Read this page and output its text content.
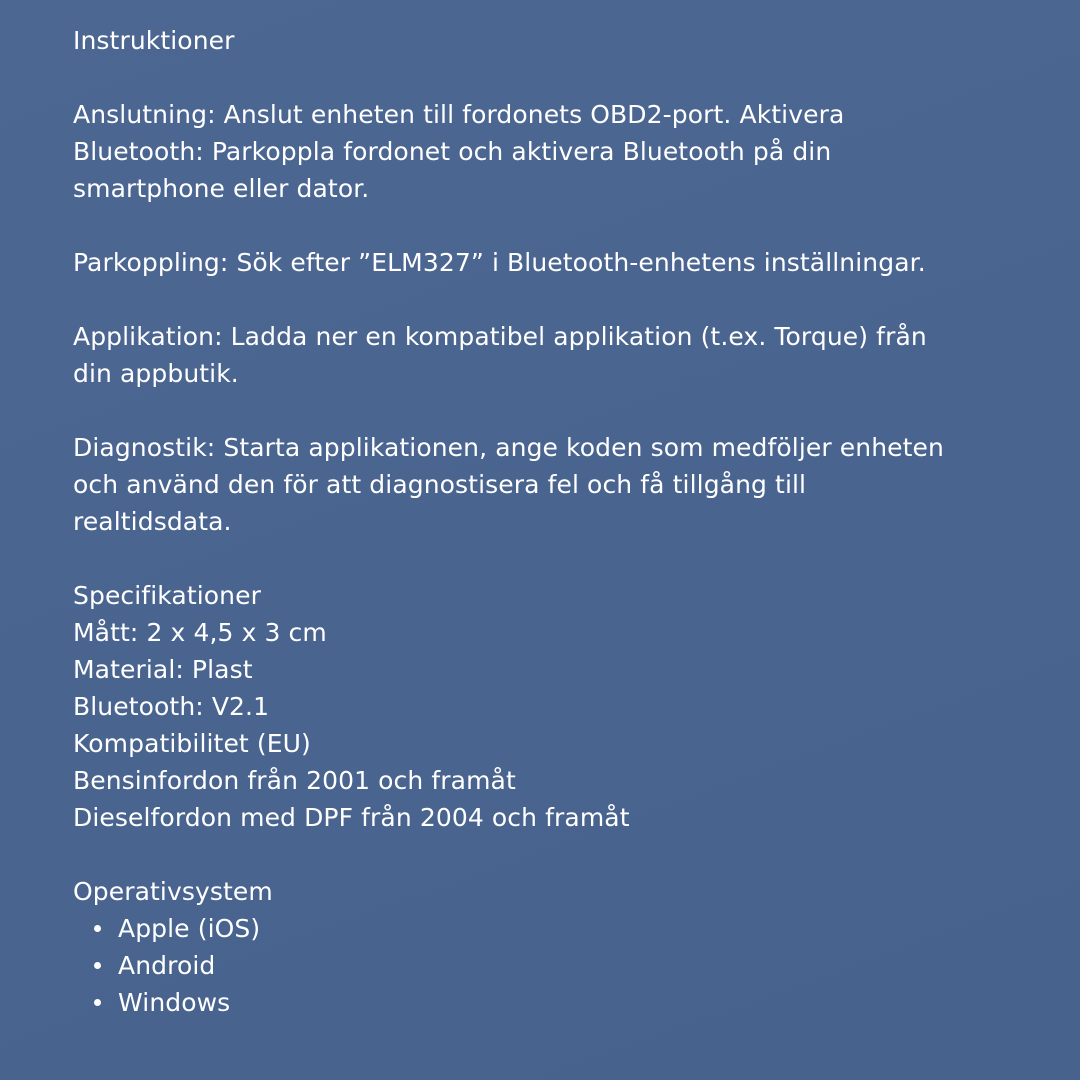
Instruktioner

Anslutning: Anslut enheten till fordonets OBD2-port. Aktivera Bluetooth: Parkoppla fordonet och aktivera Bluetooth på din smartphone eller dator.

Parkoppling: Sök efter ”ELM327” i Bluetooth-enhetens inställningar.

Applikation: Ladda ner en kompatibel applikation (t.ex. Torque) från din appbutik.

Diagnostik: Starta applikationen, ange koden som medföljer enheten och använd den för att diagnostisera fel och få tillgång till realtidsdata.

Specifikationer

Mått: 2 x 4,5 x 3 cm

Material: Plast

Bluetooth: V2.1

Kompatibilitet (EU)

Bensinfordon från 2001 och framåt

Dieselfordon med DPF från 2004 och framåt

Operativsystem

Apple (iOS)
Android
Windows
